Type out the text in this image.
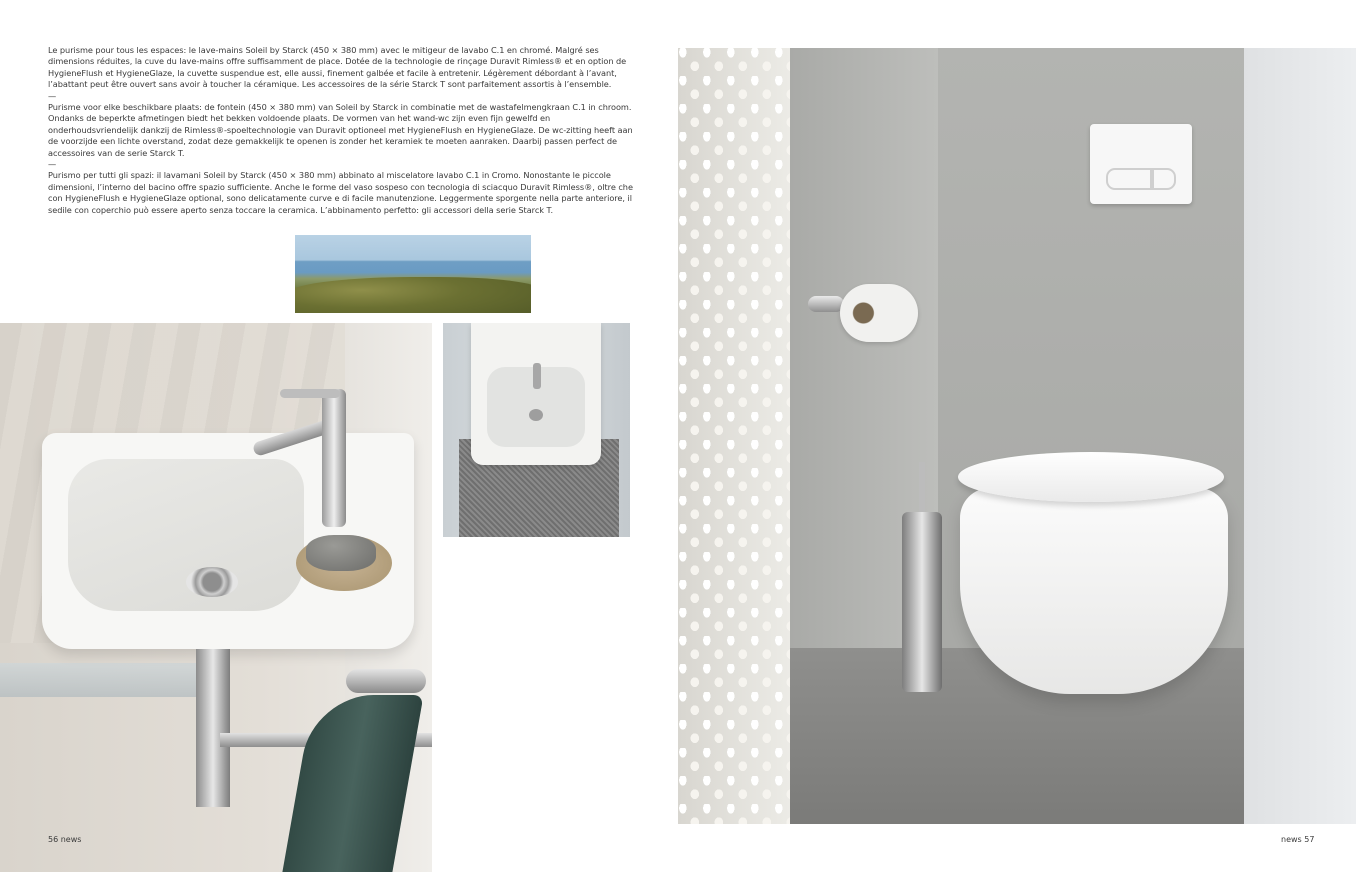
Le purisme pour tous les espaces: le lave-mains Soleil by Starck (450 × 380 mm) avec le mitigeur de lavabo C.1 en chromé. Malgré ses dimensions réduites, la cuve du lave-mains offre suffisamment de place. Dotée de la technologie de rinçage Duravit Rimless® et en option de HygieneFlush et HygieneGlaze, la cuvette suspendue est, elle aussi, finement galbée et facile à entretenir. Légèrement débordant à l’avant, l’abattant peut être ouvert sans avoir à toucher la céramique. Les accessoires de la série Starck T sont parfaitement assortis à l’ensemble.

—

Purisme voor elke beschikbare plaats: de fontein (450 × 380 mm) van Soleil by Starck in combinatie met de wastafelmengkraan C.1 in chroom. Ondanks de beperkte afmetingen biedt het bekken voldoende plaats. De vormen van het wand-wc zijn even fijn gewelfd en onderhoudsvriendelijk dankzij de Rimless®-spoeltechnologie van Duravit optioneel met HygieneFlush en HygieneGlaze. De wc-zitting heeft aan de voorzijde een lichte overstand, zodat deze gemakkelijk te openen is zonder het keramiek te moeten aanraken. Daarbij passen perfect de accessoires van de serie Starck T.

—

Purismo per tutti gli spazi: il lavamani Soleil by Starck (450 × 380 mm) abbinato al miscelatore lavabo C.1 in Cromo. Nonostante le piccole dimensioni, l’interno del bacino offre spazio sufficiente. Anche le forme del vaso sospeso con tecnologia di sciacquo Duravit Rimless®, oltre che con HygieneFlush e HygieneGlaze optional, sono delicatamente curve e di facile manutenzione. Leggermente sporgente nella parte anteriore, il sedile con coperchio può essere aperto senza toccare la ceramica. L’abbinamento perfetto: gli accessori della serie Starck T.

56 news	news 57
